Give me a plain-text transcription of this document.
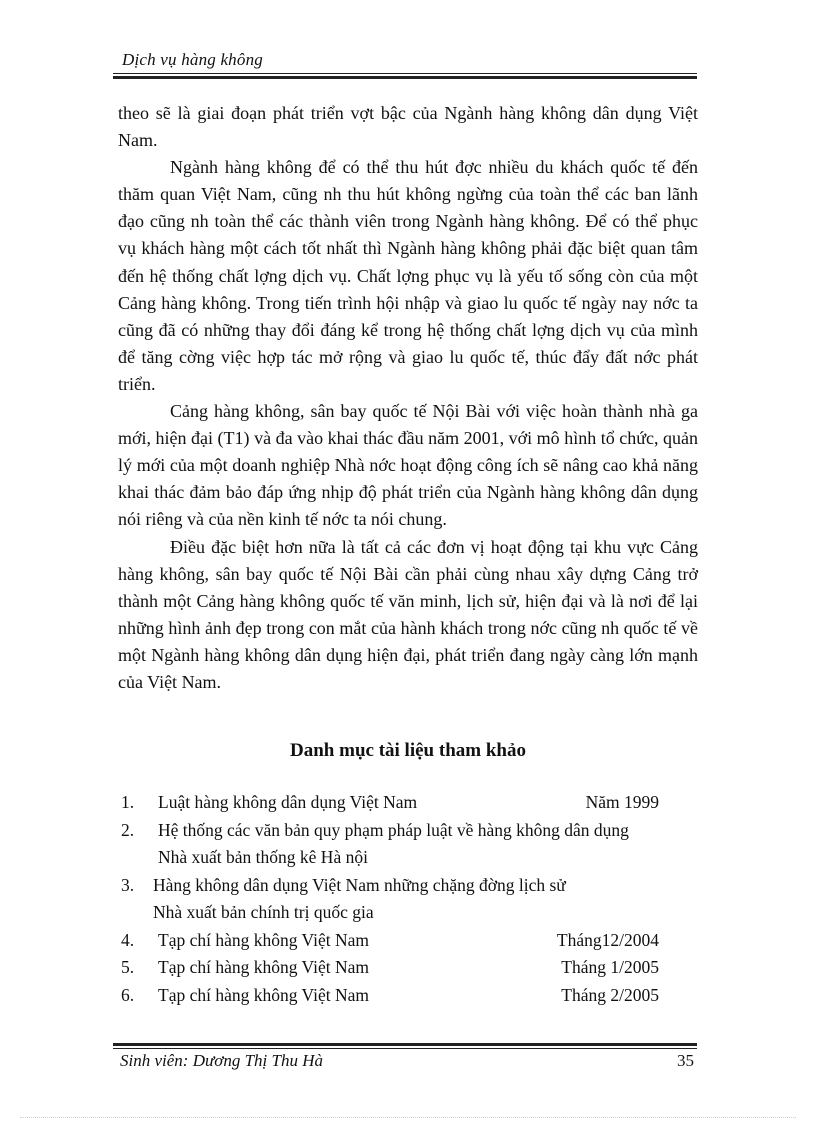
Dịch vụ hàng không

theo sẽ là giai đoạn phát triển vợt bậc của Ngành hàng không dân dụng Việt Nam.

Ngành hàng không để có thể thu hút đợc nhiều du khách quốc tế đến thăm quan Việt Nam, cũng nh thu hút không ngừng của toàn thể các ban lãnh đạo cũng nh toàn thể các thành viên trong Ngành hàng không. Để có thể phục vụ khách hàng một cách tốt nhất thì Ngành hàng không phải đặc biệt quan tâm đến hệ thống chất lợng dịch vụ. Chất lợng phục vụ là yếu tố sống còn của một Cảng hàng không. Trong tiến trình hội nhập và giao lu quốc tế ngày nay nớc ta cũng đã có những thay đổi đáng kể trong hệ thống chất lợng dịch vụ của mình để tăng cờng việc hợp tác mở rộng và giao lu quốc tế, thúc đẩy đất nớc phát triển.

Cảng hàng không, sân bay quốc tế Nội Bài với việc hoàn thành nhà ga mới, hiện đại (T1) và đa vào khai thác đầu năm 2001, với mô hình tổ chức, quản lý mới của một doanh nghiệp Nhà nớc hoạt động công ích sẽ nâng cao khả năng khai thác đảm bảo đáp ứng nhịp độ phát triển của Ngành hàng không dân dụng nói riêng và của nền kinh tế nớc ta nói chung.

Điều đặc biệt hơn nữa là tất cả các đơn vị hoạt động tại khu vực Cảng hàng không, sân bay quốc tế Nội Bài cần phải cùng nhau xây dựng Cảng trở thành một Cảng hàng không quốc tế văn minh, lịch sử, hiện đại và là nơi để lại những hình ảnh đẹp trong con mắt của hành khách trong nớc cũng nh quốc tế về một Ngành hàng không dân dụng hiện đại, phát triển đang ngày càng lớn mạnh của Việt Nam.

Danh mục tài liệu tham khảo
1. Luật hàng không dân dụng Việt Nam	Năm 1999
2. Hệ thống các văn bản quy phạm pháp luật về hàng không dân dụng
Nhà xuất bản thống kê Hà nội
3. Hàng không dân dụng Việt Nam những chặng đờng lịch sử
Nhà xuất bản chính trị quốc gia
4. Tạp chí hàng không Việt Nam	Tháng12/2004
5. Tạp chí hàng không Việt Nam	Tháng 1/2005
6. Tạp chí hàng không Việt Nam	Tháng 2/2005
Sinh viên: Dương Thị Thu Hà	35
